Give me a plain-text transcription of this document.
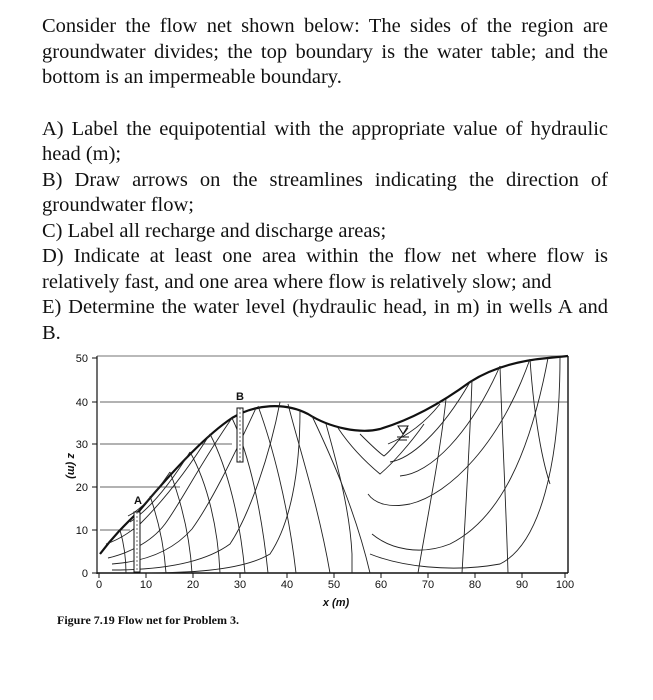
Consider the flow net shown below: The sides of the region are groundwater divides; the top boundary is the water table; and the bottom is an impermeable boundary.

A) Label the equipotential with the appropriate value of hydraulic head (m);

B) Draw arrows on the streamlines indicating the direction of groundwater flow;

C) Label all recharge and discharge areas;

D) Indicate at least one area within the flow net where flow is relatively fast, and one area where flow is relatively slow; and

E) Determine the water level (hydraulic head, in m) in wells A and B.

50
40
30
20
10
0
z (m)
0	10	20	30	40	50	60	70	80	90	100
x (m)
A
B
Figure 7.19 Flow net for Problem 3.
